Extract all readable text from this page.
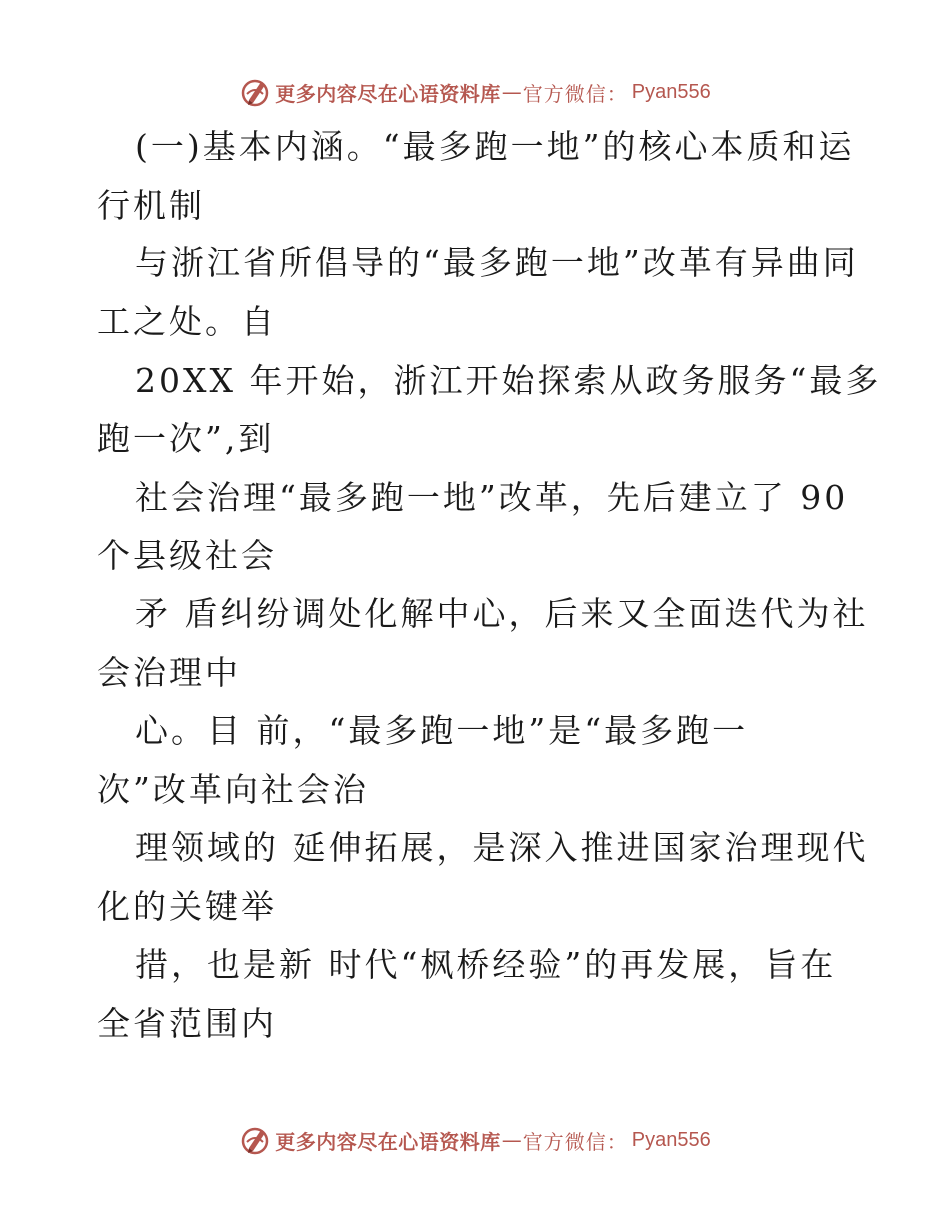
更多内容尽在心语资料库 — 官方微信： Pyan556
(一)基本内涵。“最多跑一地”的核心本质和运
行机制
与浙江省所倡导的“最多跑一地”改革有异曲同
工之处。自
20XX 年开始，浙江开始探索从政务服务“最多
跑一次”,到
社会治理“最多跑一地”改革，先后建立了 90
个县级社会
矛 盾纠纷调处化解中心，后来又全面迭代为社
会治理中
心。目 前，“最多跑一地”是“最多跑一
次”改革向社会治
理领域的 延伸拓展，是深入推进国家治理现代
化的关键举
措，也是新 时代“枫桥经验”的再发展，旨在
全省范围内
更多内容尽在心语资料库 — 官方微信： Pyan556
